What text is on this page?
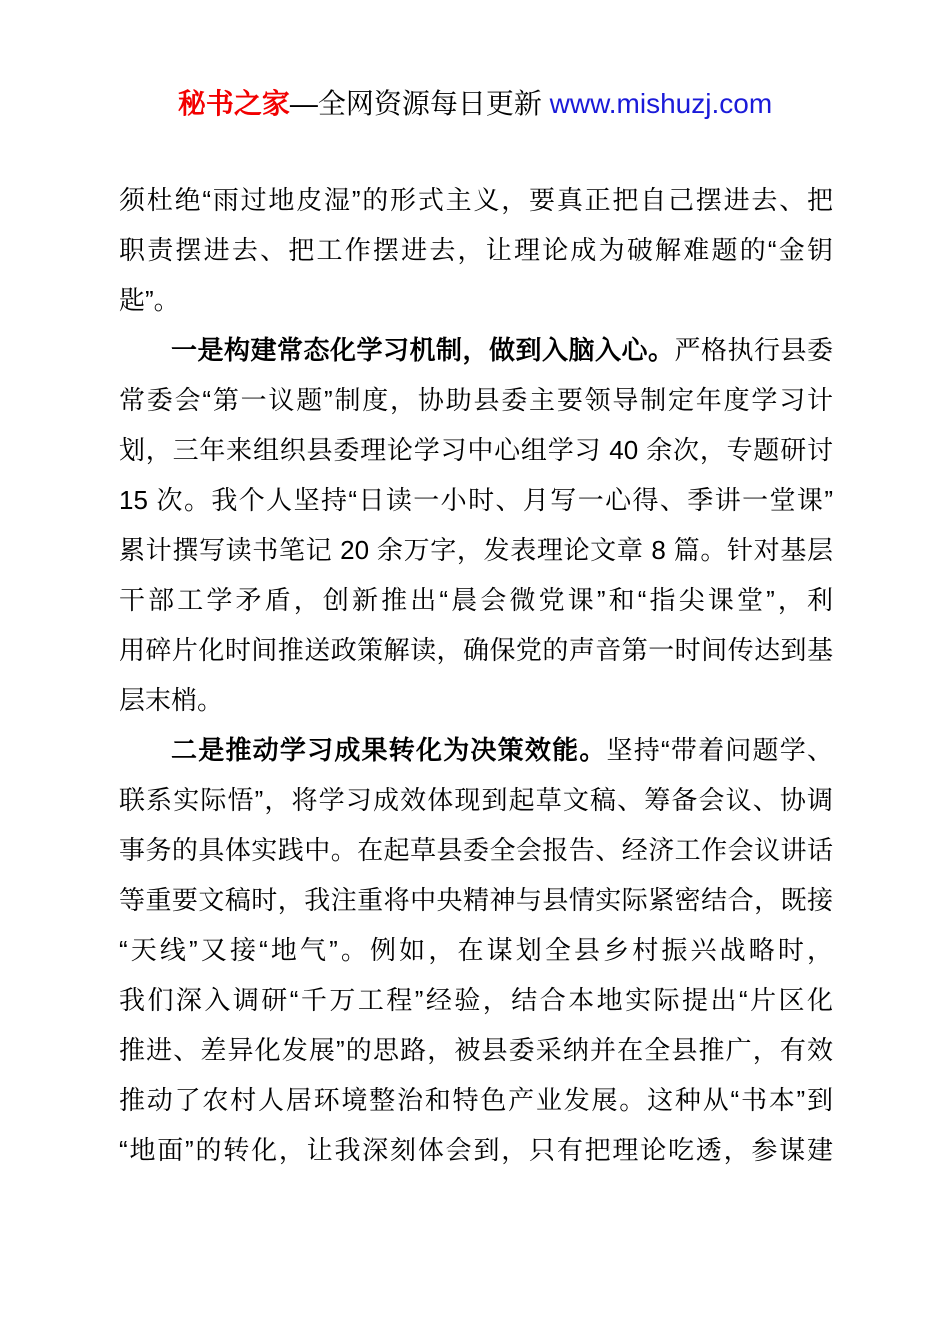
秘书之家—全网资源每日更新 www.mishuzj.com
须杜绝“雨过地皮湿”的形式主义，要真正把自己摆进去、把
职责摆进去、把工作摆进去，让理论成为破解难题的“金钥
匙”。
一是构建常态化学习机制，做到入脑入心。严格执行县委
常委会“第一议题”制度，协助县委主要领导制定年度学习计
划，三年来组织县委理论学习中心组学习 40 余次，专题研讨
15 次。我个人坚持“日读一小时、月写一心得、季讲一堂课”
累计撰写读书笔记 20 余万字，发表理论文章 8 篇。针对基层
干部工学矛盾，创新推出“晨会微党课”和“指尖课堂”，利
用碎片化时间推送政策解读，确保党的声音第一时间传达到基
层末梢。
二是推动学习成果转化为决策效能。坚持“带着问题学、
联系实际悟”，将学习成效体现到起草文稿、筹备会议、协调
事务的具体实践中。在起草县委全会报告、经济工作会议讲话
等重要文稿时，我注重将中央精神与县情实际紧密结合，既接
“天线”又接“地气”。例如，在谋划全县乡村振兴战略时，
我们深入调研“千万工程”经验，结合本地实际提出“片区化
推进、差异化发展”的思路，被县委采纳并在全县推广，有效
推动了农村人居环境整治和特色产业发展。这种从“书本”到
“地面”的转化，让我深刻体会到，只有把理论吃透，参谋建
